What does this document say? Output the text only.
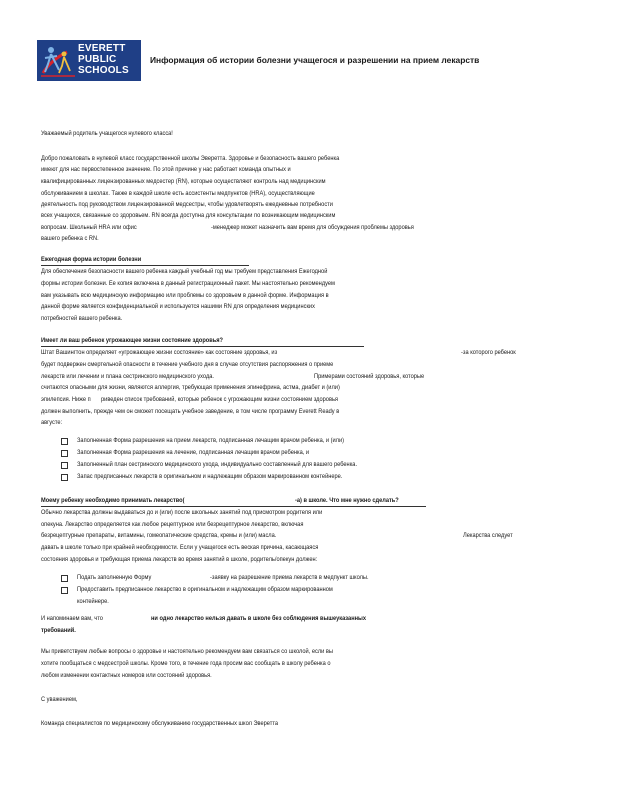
EVERETT
PUBLIC
SCHOOLS
Информация об истории болезни учащегося и разрешении на прием лекарств
Уважаемый родитель учащегося нулевого класса!
Добро пожаловать в нулевой класс государственной школы Эверетта. Здоровье и безопасность вашего ребенка
имеют для нас первостепенное значение. По этой причине у нас работает команда опытных и
квалифицированных лицензированных медсестер (RN), которые осуществляют контроль над медицинским
обслуживанием в школах. Также в каждой школе есть ассистенты медпунктов (HRA), осуществляющие
деятельность под руководством лицензированной медсестры, чтобы удовлетворять ежедневные потребности
всех учащихся, связанные со здоровьем. RN всегда доступна для консультации по возникающим медицинским
вопросам. Школьный HRA или офис	-менеджер может назначить вам время для обсуждения проблемы здоровья
вашего ребенка с RN.
Ежегодная форма истории болезни
Для обеспечения безопасности вашего ребенка каждый учебный год мы требуем представления Ежегодной
формы истории болезни. Ее копия включена в данный регистрационный пакет. Мы настоятельно рекомендуем
вам указывать всю медицинскую информацию или проблемы со здоровьем в данной форме. Информация в
данной форме является конфиденциальной и используется нашими RN для определения медицинских
потребностей вашего ребенка.
Имеет ли ваш ребенок угрожающее жизни состояние здоровья?
Штат Вашингтон определяет «угрожающее жизни состояние» как состояние здоровья, из	-за которого ребенок
будет подвержен смертельной опасности в течение учебного дня в случае отсутствия распоряжения о приеме
лекарств или лечении и плана сестринского медицинского ухода.	Примерами состояний здоровья, которые
считаются опасными для жизни, являются аллергия, требующая применения эпинефрина, астма, диабет и (или)
эпилепсия. Ниже п риведен список требований, которые ребенок с угрожающим жизни состоянием здоровья
должен выполнить, прежде чем он сможет посещать учебное заведение, в том числе программу Everett Ready в
августе:
Заполненная Форма разрешения на прием лекарств, подписанная лечащим врачом ребенка, и (или)
Заполненная Форма разрешения на лечение, подписанная лечащим врачом ребенка, и
Заполненный план сестринского медицинского ухода, индивидуально составленный для вашего ребенка.
Запас предписанных лекарств в оригинальном и надлежащим образом маркированном контейнере.
Моему ребенку необходимо принимать лекарство(	-а) в школе. Что мне нужно сделать?
Обычно лекарства должны выдаваться до и (или) после школьных занятий под присмотром родителя или
опекуна. Лекарство определяется как любое рецептурное или безрецептурное лекарство, включая
безрецептурные препараты, витамины, гомеопатические средства, кремы и (или) масла.	Лекарства следует
давать в школе только при крайней необходимости. Если у учащегося есть веская причина, касающаяся
состояния здоровья и требующая приема лекарств во время занятий в школе, родитель/опекун должен:
Подать заполненную Форму	-заявку на разрешение приема лекарств в медпункт школы.
Предоставить предписанное лекарство в оригинальном и надлежащим образом маркированном
контейнере.
И напоминаем вам, что	ни одно лекарство нельзя давать в школе без соблюдения вышеуказанных
требований.
Мы приветствуем любые вопросы о здоровье и настоятельно рекомендуем вам связаться со школой, если вы
хотите пообщаться с медсестрой школы. Кроме того, в течение года просим вас сообщать в школу ребенка о
любом изменении контактных номеров или состояний здоровья.
С уважением,
Команда специалистов по медицинскому обслуживанию государственных школ Эверетта
